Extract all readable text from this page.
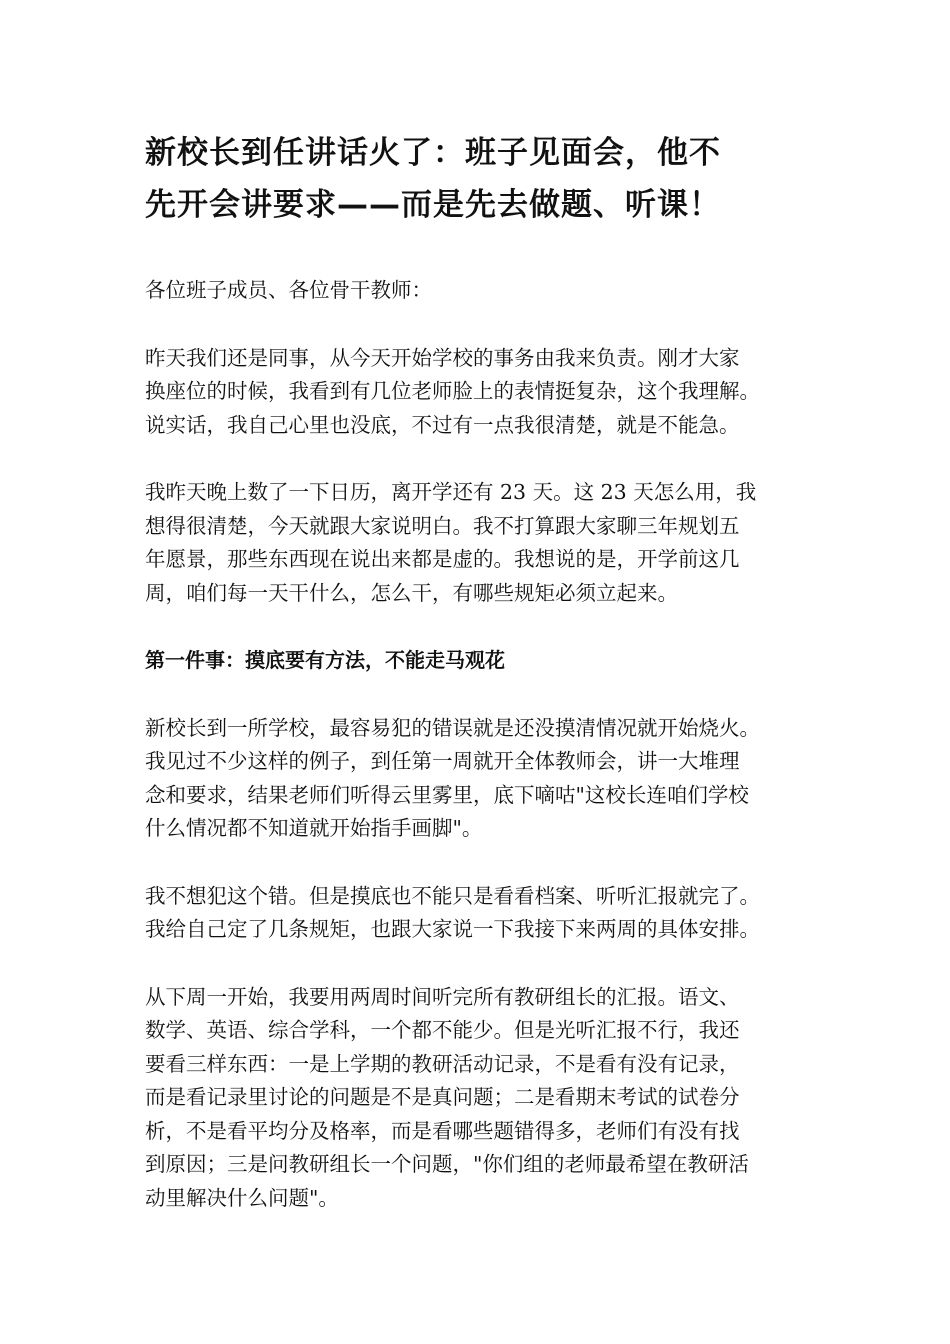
新校长到任讲话火了：班子见面会，他不
先开会讲要求——而是先去做题、听课！

各位班子成员、各位骨干教师：

昨天我们还是同事，从今天开始学校的事务由我来负责。刚才大家
换座位的时候，我看到有几位老师脸上的表情挺复杂，这个我理解。
说实话，我自己心里也没底，不过有一点我很清楚，就是不能急。

我昨天晚上数了一下日历，离开学还有 23 天。这 23 天怎么用，我
想得很清楚，今天就跟大家说明白。我不打算跟大家聊三年规划五
年愿景，那些东西现在说出来都是虚的。我想说的是，开学前这几
周，咱们每一天干什么，怎么干，有哪些规矩必须立起来。

第一件事：摸底要有方法，不能走马观花

新校长到一所学校，最容易犯的错误就是还没摸清情况就开始烧火。
我见过不少这样的例子，到任第一周就开全体教师会，讲一大堆理
念和要求，结果老师们听得云里雾里，底下嘀咕"这校长连咱们学校
什么情况都不知道就开始指手画脚"。

我不想犯这个错。但是摸底也不能只是看看档案、听听汇报就完了。
我给自己定了几条规矩，也跟大家说一下我接下来两周的具体安排。

从下周一开始，我要用两周时间听完所有教研组长的汇报。语文、
数学、英语、综合学科，一个都不能少。但是光听汇报不行，我还
要看三样东西：一是上学期的教研活动记录，不是看有没有记录，
而是看记录里讨论的问题是不是真问题；二是看期末考试的试卷分
析，不是看平均分及格率，而是看哪些题错得多，老师们有没有找
到原因；三是问教研组长一个问题，"你们组的老师最希望在教研活
动里解决什么问题"。
